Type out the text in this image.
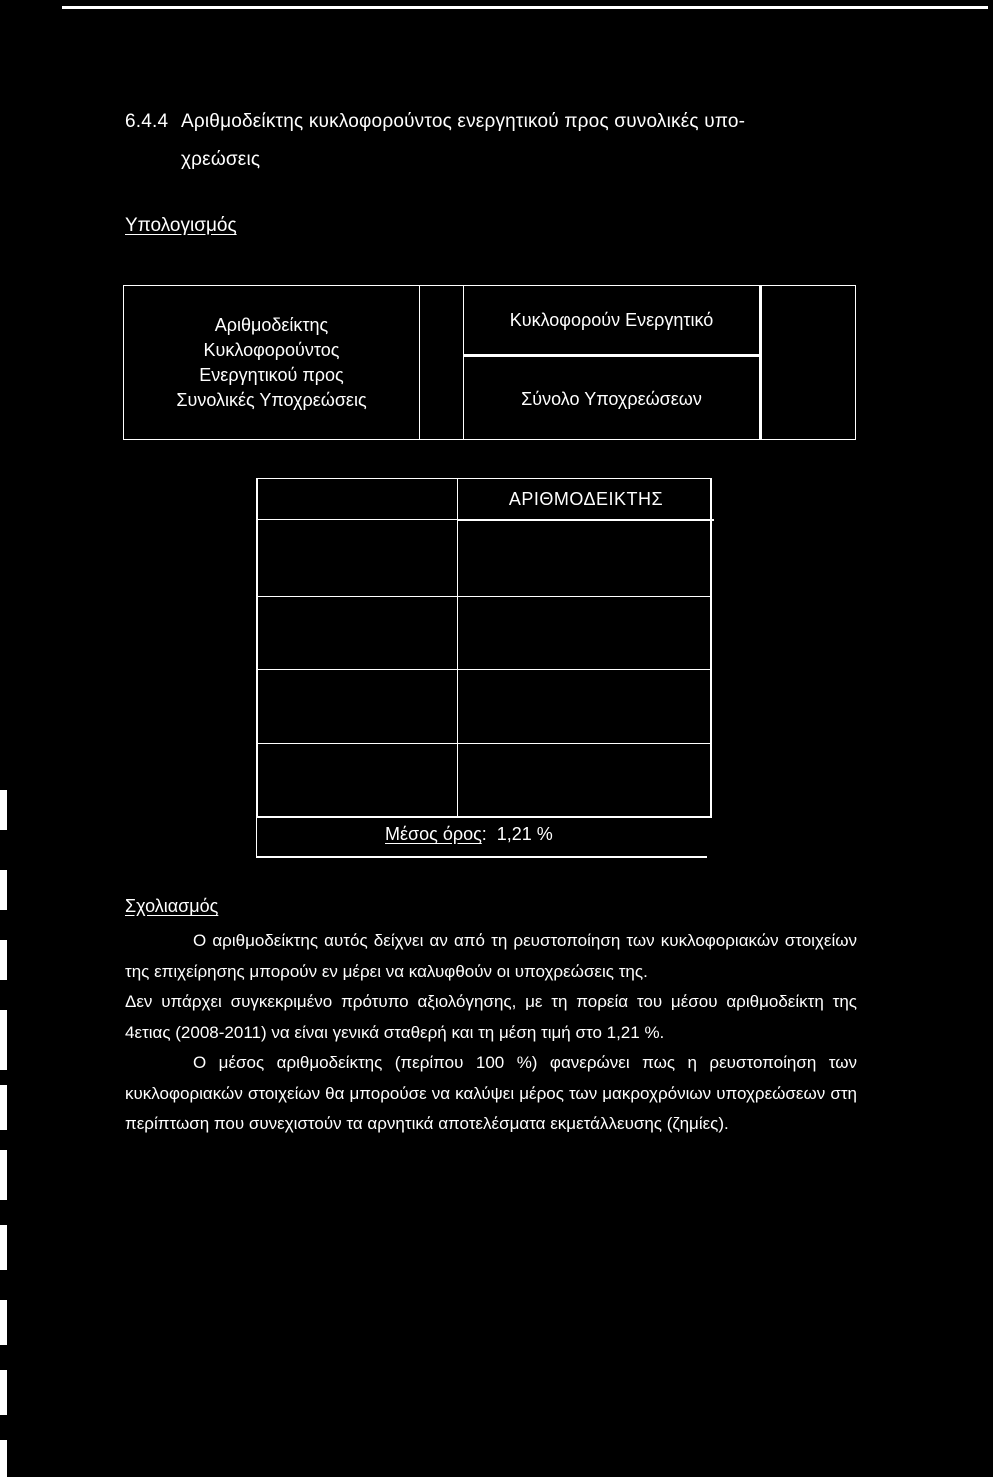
6.4.4 Αριθμοδείκτης κυκλοφορούντος ενεργητικού προς συνολικές υπο-
χρεώσεις
Υπολογισμός
Αριθμοδείκτης
Κυκλοφορούντος
Ενεργητικού προς
Συνολικές Υποχρεώσεις
Κυκλοφορούν Ενεργητικό
Σύνολο Υποχρεώσεων
ΑΡΙΘΜΟΔΕΙΚΤΗΣ
Μέσος όρος:  1,21 %
Σχολιασμός

Ο αριθμοδείκτης αυτός δείχνει αν από τη ρευστοποίηση των κυκλοφοριακών στοιχείων της επιχείρησης μπορούν εν μέρει να καλυφθούν οι υποχρεώσεις της.

Δεν υπάρχει συγκεκριμένο πρότυπο αξιολόγησης, με τη πορεία του μέσου αριθμοδείκτη της 4ετιας (2008-2011) να είναι γενικά σταθερή και τη μέση τιμή στο 1,21 %.

Ο μέσος αριθμοδείκτης (περίπου 100 %) φανερώνει πως η ρευστοποίηση των κυκλοφοριακών στοιχείων θα μπορούσε να καλύψει μέρος των μακροχρόνιων υποχρεώσεων στη περίπτωση που συνεχιστούν τα αρνητικά αποτελέσματα εκμετάλλευσης (ζημίες).
